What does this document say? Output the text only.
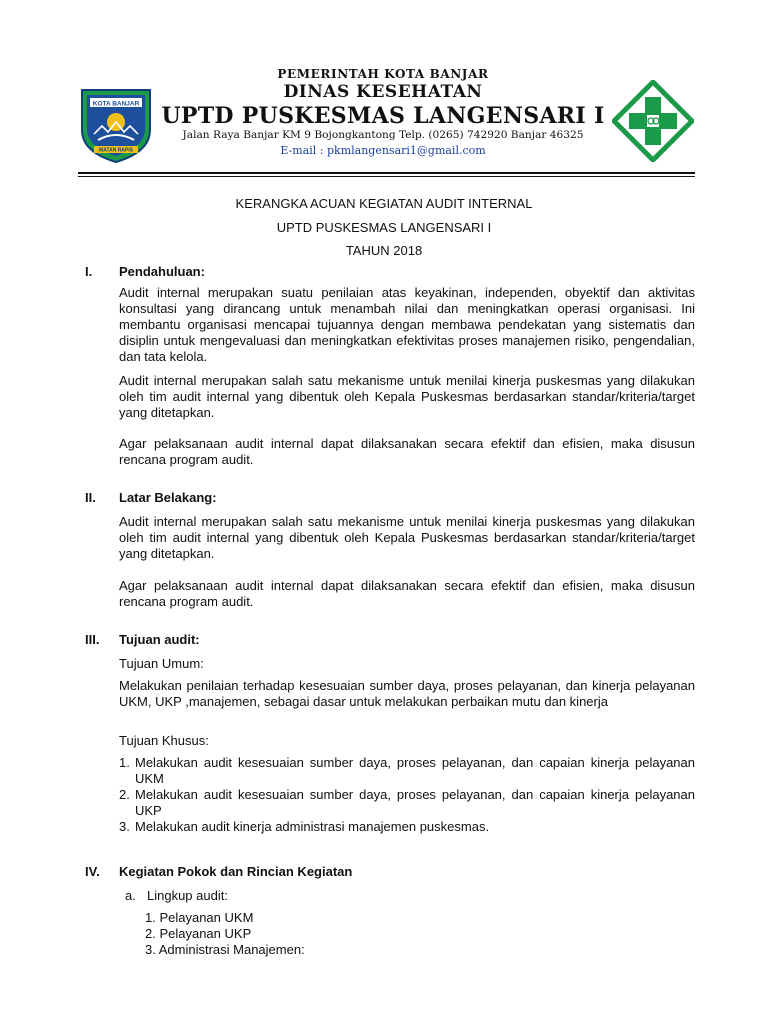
KOTA BANJAR
MATAN RAPIS
PEMERINTAH KOTA BANJAR
DINAS KESEHATAN
UPTD PUSKESMAS LANGENSARI I
Jalan Raya Banjar KM 9 Bojongkantong Telp. (0265) 742920 Banjar 46325
E-mail : pkmlangensari1@gmail.com
KERANGKA ACUAN KEGIATAN AUDIT INTERNAL
UPTD PUSKESMAS LANGENSARI I
TAHUN 2018
I. Pendahuluan:
Audit internal merupakan suatu penilaian atas keyakinan, independen, obyektif dan aktivitas konsultasi yang dirancang untuk menambah nilai dan meningkatkan operasi organisasi. Ini membantu organisasi mencapai tujuannya dengan membawa pendekatan yang sistematis dan disiplin untuk mengevaluasi dan meningkatkan efektivitas proses manajemen risiko, pengendalian, dan tata kelola.
Audit internal merupakan salah satu mekanisme untuk menilai kinerja puskesmas yang dilakukan oleh tim audit internal yang dibentuk oleh Kepala Puskesmas berdasarkan standar/kriteria/target yang ditetapkan.
Agar pelaksanaan audit internal dapat dilaksanakan secara efektif dan efisien, maka disusun rencana program audit.
II. Latar Belakang:
Audit internal merupakan salah satu mekanisme untuk menilai kinerja puskesmas yang dilakukan oleh tim audit internal yang dibentuk oleh Kepala Puskesmas berdasarkan standar/kriteria/target yang ditetapkan.
Agar pelaksanaan audit internal dapat dilaksanakan secara efektif dan efisien, maka disusun rencana program audit.
III. Tujuan audit:
Tujuan Umum:
Melakukan penilaian terhadap kesesuaian sumber daya, proses pelayanan, dan kinerja pelayanan UKM, UKP ,manajemen, sebagai dasar untuk melakukan perbaikan mutu dan kinerja
Tujuan Khusus:
1. Melakukan audit kesesuaian sumber daya, proses pelayanan, dan capaian kinerja pelayanan UKM
2. Melakukan audit kesesuaian sumber daya, proses pelayanan, dan capaian kinerja pelayanan UKP
3. Melakukan audit kinerja administrasi manajemen puskesmas.
IV. Kegiatan Pokok dan Rincian Kegiatan
a. Lingkup audit:
1. Pelayanan UKM
2. Pelayanan UKP
3. Administrasi Manajemen:
